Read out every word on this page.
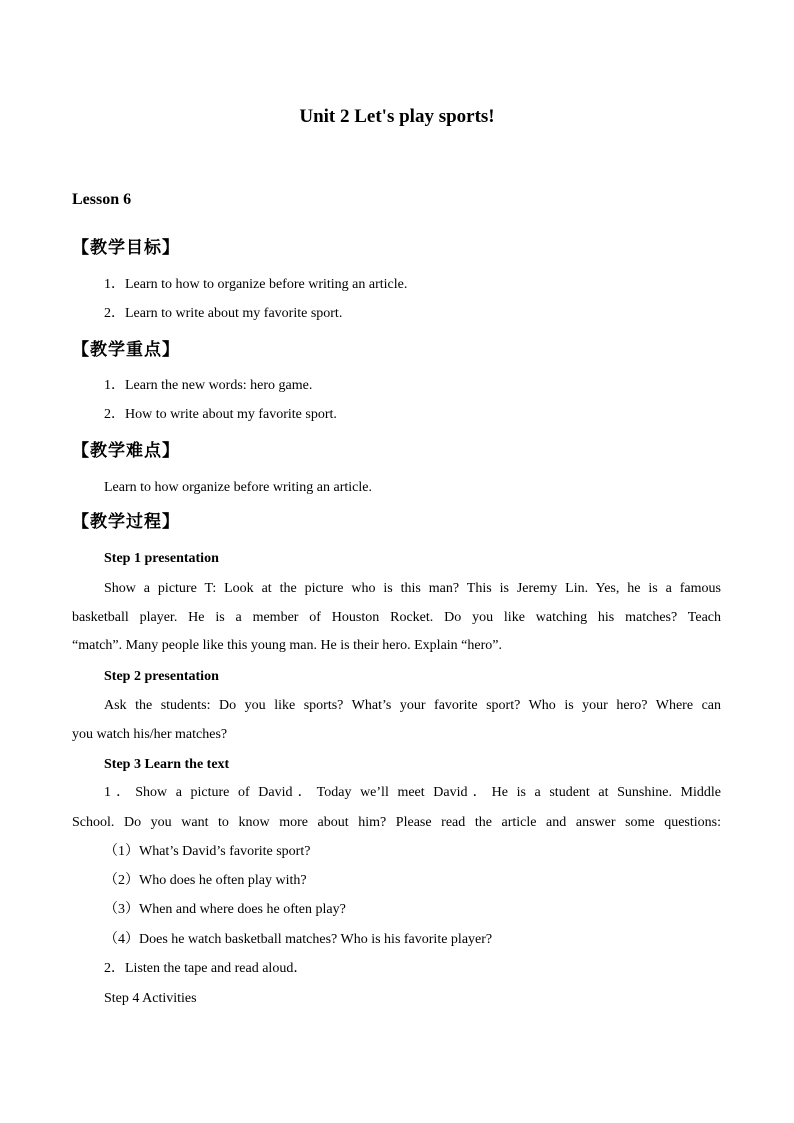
Unit 2 Let's play sports!
Lesson 6
【教学目标】
1．Learn to how to organize before writing an article.
2．Learn to write about my favorite sport.
【教学重点】
1．Learn the new words: hero game.
2．How to write about my favorite sport.
【教学难点】
Learn to how organize before writing an article.
【教学过程】
Step 1 presentation
Show a picture T: Look at the picture who is this man? This is Jeremy Lin. Yes, he is a famous
basketball player. He is a member of Houston Rocket. Do you like watching his matches? Teach
“match”. Many people like this young man. He is their hero. Explain “hero”.
Step 2 presentation
Ask the students: Do you like sports? What’s your favorite sport? Who is your hero? Where can
you watch his/her matches?
Step 3 Learn the text
1．Show a picture of David．Today we’ll meet David．He is a student at Sunshine. Middle
School. Do you want to know more about him? Please read the article and answer some questions:
（1）What’s David’s favorite sport?
（2）Who does he often play with?
（3）When and where does he often play?
（4）Does he watch basketball matches? Who is his favorite player?
2．Listen the tape and read aloud．
Step 4 Activities
